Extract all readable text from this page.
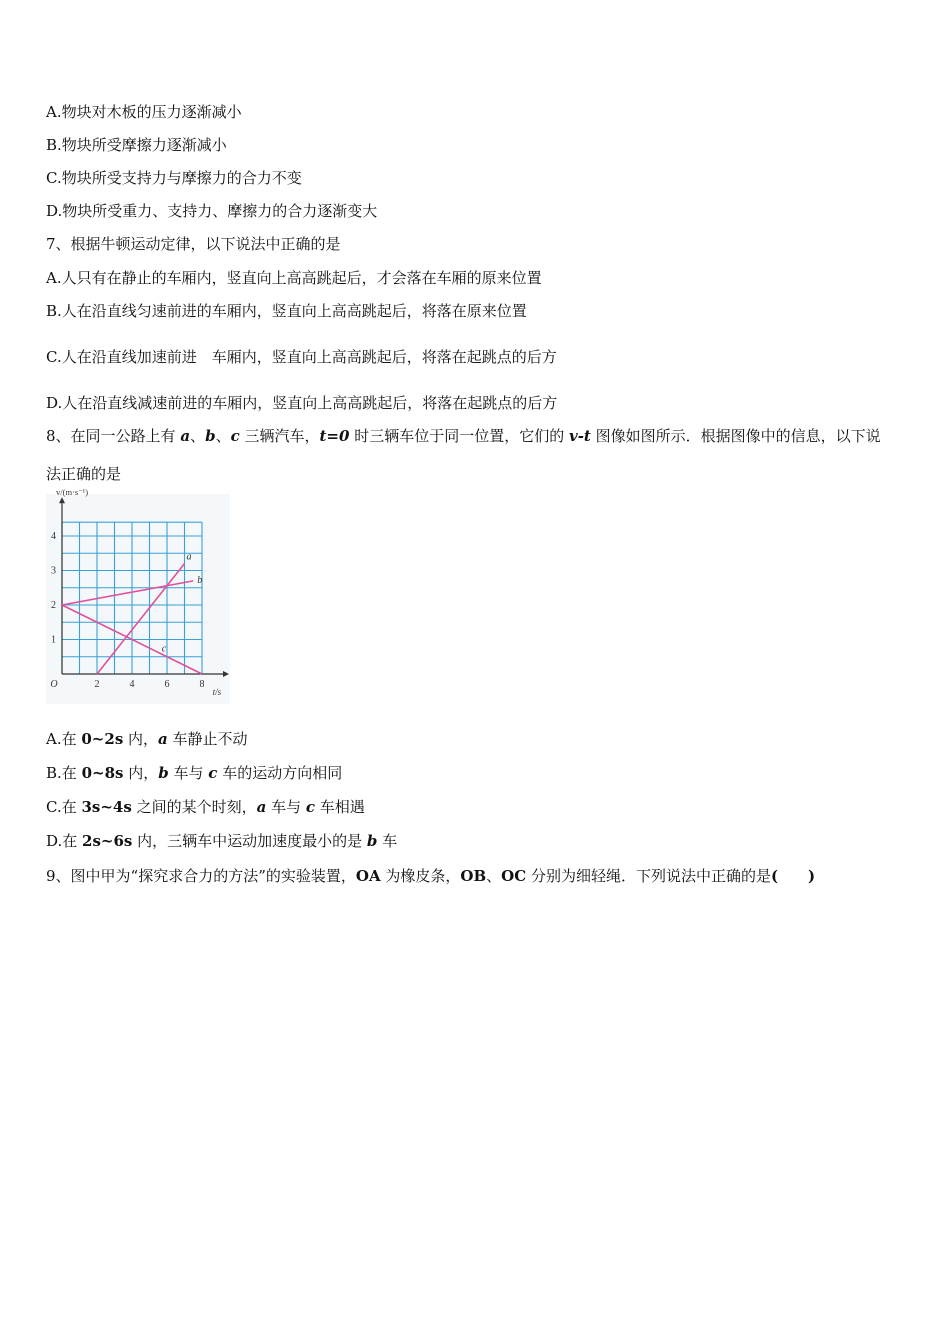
A.物块对木板的压力逐渐减小
B.物块所受摩擦力逐渐减小
C.物块所受支持力与摩擦力的合力不变
D.物块所受重力、支持力、摩擦力的合力逐渐变大
7、根据牛顿运动定律，以下说法中正确的是
A.人只有在静止的车厢内，竖直向上高高跳起后，才会落在车厢的原来位置
B.人在沿直线匀速前进的车厢内，竖直向上高高跳起后，将落在原来位置
C.人在沿直线加速前进　车厢内，竖直向上高高跳起后，将落在起跳点的后方
D.人在沿直线减速前进的车厢内，竖直向上高高跳起后，将落在起跳点的后方
8、在同一公路上有 a、b、c 三辆汽车，t=0 时三辆车位于同一位置，它们的 v-t 图像如图所示．根据图像中的信息，以下说
法正确的是
2	4	6	8
1
2
3
4
O
t/s
v/(m·s⁻¹)
a
b
c
A.在 0~2s 内，a 车静止不动
B.在 0~8s 内，b 车与 c 车的运动方向相同
C.在 3s~4s 之间的某个时刻，a 车与 c 车相遇
D.在 2s~6s 内，三辆车中运动加速度最小的是 b 车
9、图中甲为“探究求合力的方法”的实验装置，OA 为橡皮条，OB、OC 分别为细轻绳．下列说法中正确的是(　　)
